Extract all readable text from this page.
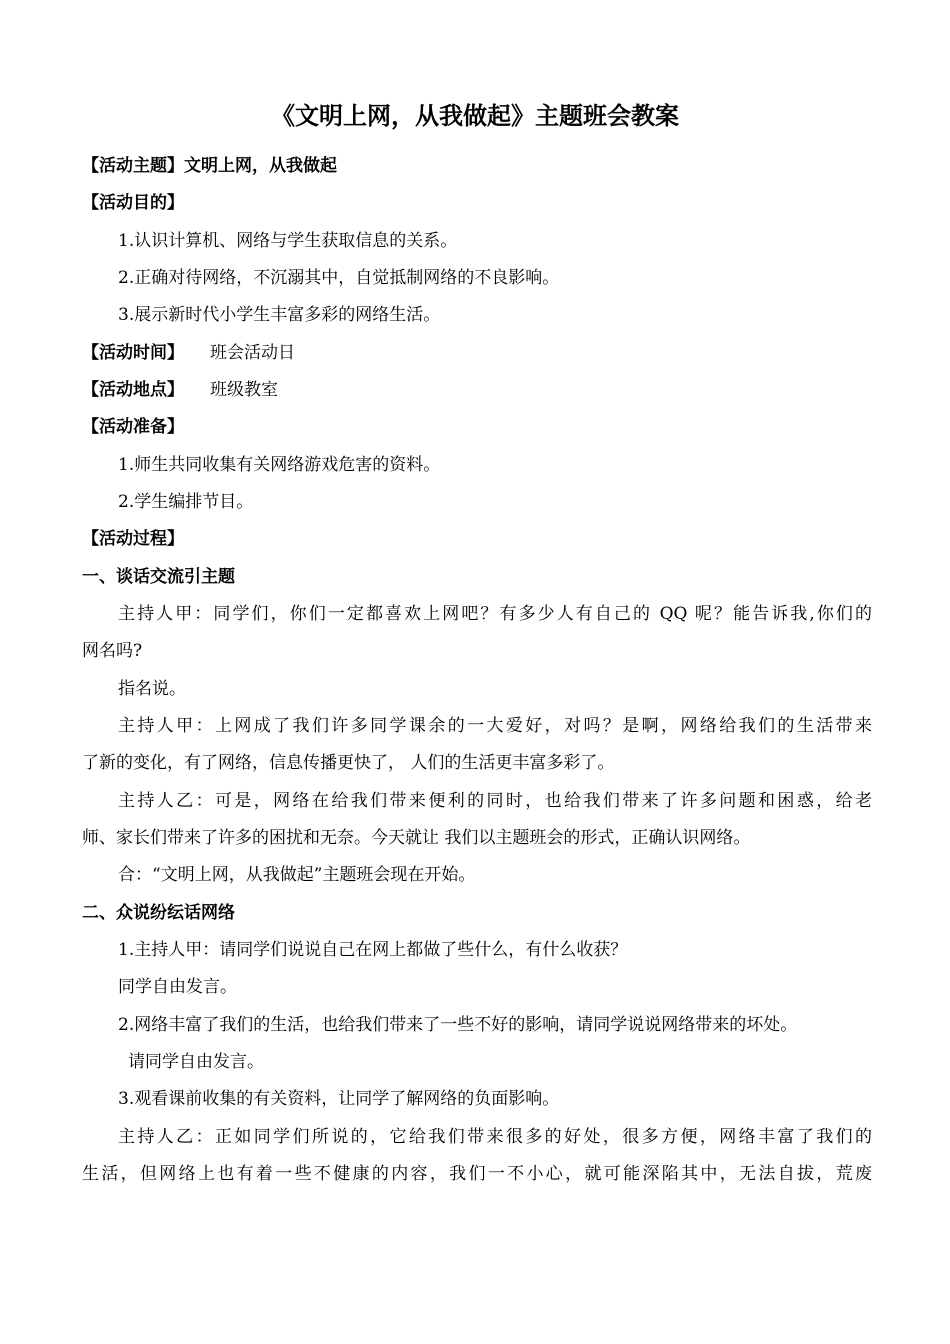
《文明上网，从我做起》主题班会教案
【活动主题】文明上网，从我做起
【活动目的】
1.认识计算机、网络与学生获取信息的关系。
2.正确对待网络，不沉溺其中，自觉抵制网络的不良影响。
3.展示新时代小学生丰富多彩的网络生活。
【活动时间】 班会活动日
【活动地点】 班级教室
【活动准备】
1.师生共同收集有关网络游戏危害的资料。
2.学生编排节目。
【活动过程】
一、谈话交流引主题
主持人甲：同学们，你们一定都喜欢上网吧？有多少人有自己的 QQ 呢？能告诉我,你们的
网名吗?
指名说。
主持人甲：上网成了我们许多同学课余的一大爱好，对吗？是啊，网络给我们的生活带来
了新的变化，有了网络，信息传播更快了， 人们的生活更丰富多彩了。
主持人乙：可是，网络在给我们带来便利的同时，也给我们带来了许多问题和困惑，给老
师、家长们带来了许多的困扰和无奈。今天就让 我们以主题班会的形式，正确认识网络。
合：“文明上网，从我做起”主题班会现在开始。
二、众说纷纭话网络
1.主持人甲：请同学们说说自己在网上都做了些什么，有什么收获？
同学自由发言。
2.网络丰富了我们的生活，也给我们带来了一些不好的影响，请同学说说网络带来的坏处。
请同学自由发言。
3.观看课前收集的有关资料，让同学了解网络的负面影响。
主持人乙：正如同学们所说的，它给我们带来很多的好处，很多方便，网络丰富了我们的
生活，但网络上也有着一些不健康的内容，我们一不小心，就可能深陷其中，无法自拔，荒废
